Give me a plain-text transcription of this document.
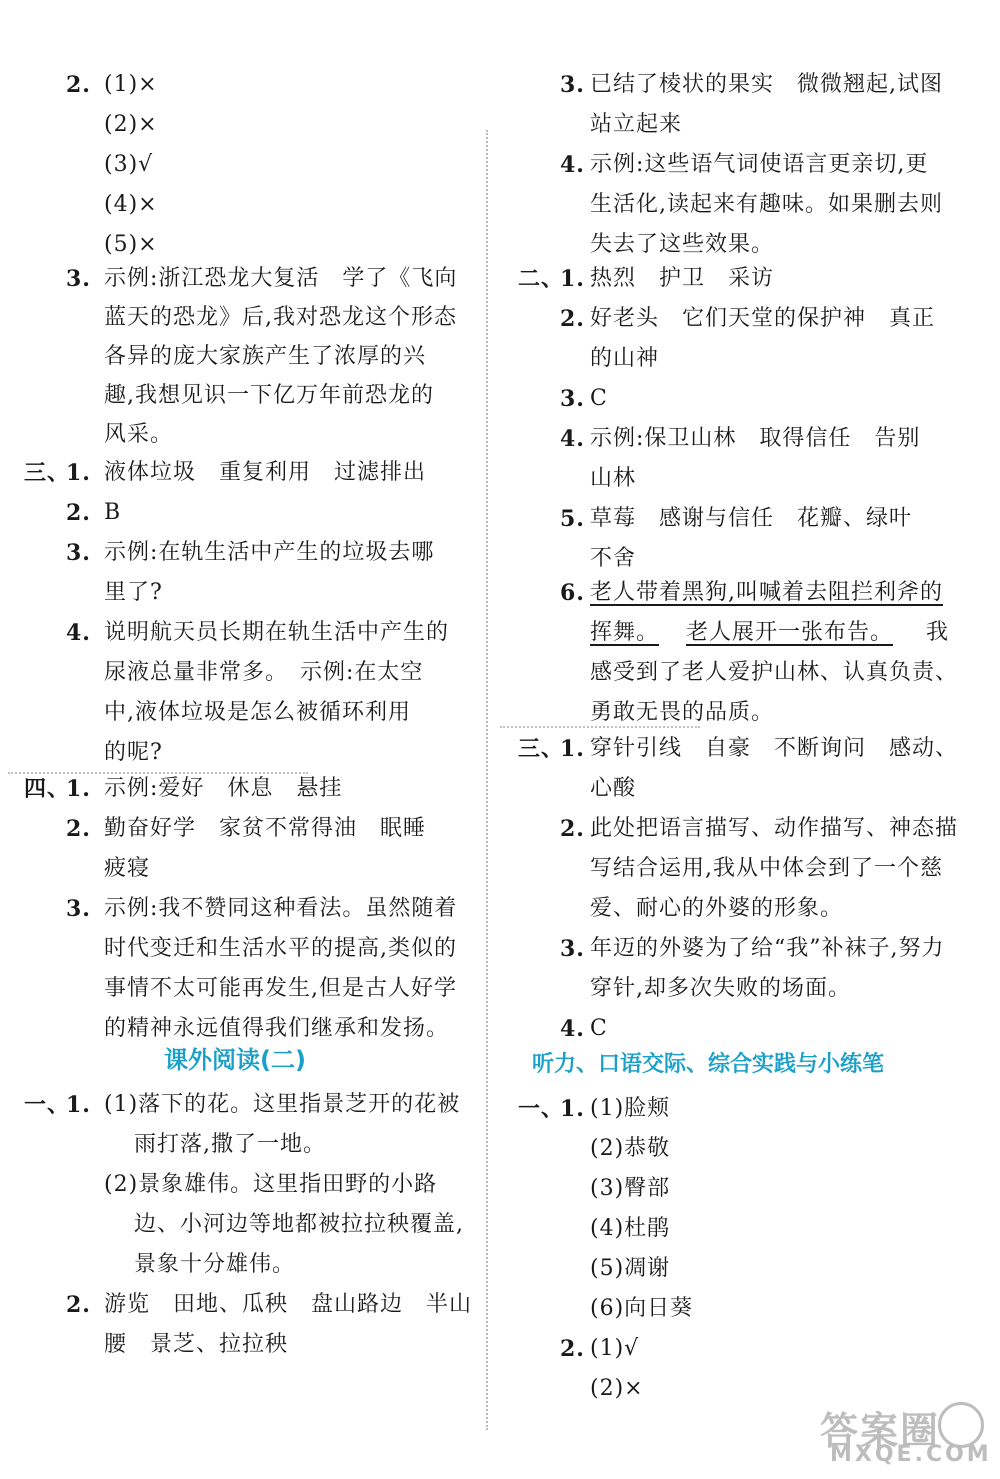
2. (1)×
(2)×
(3)√
(4)×
(5)×
3. 示例:浙江恐龙大复活　学了《飞向
蓝天的恐龙》后,我对恐龙这个形态
各异的庞大家族产生了浓厚的兴
趣,我想见识一下亿万年前恐龙的
风采。
三、
1. 液体垃圾　重复利用　过滤排出
2. B
3. 示例:在轨生活中产生的垃圾去哪
里了?
4. 说明航天员长期在轨生活中产生的
尿液总量非常多。　示例:在太空
中,液体垃圾是怎么被循环利用
的呢?
四、
1. 示例:爱好　休息　悬挂
2. 勤奋好学　家贫不常得油　眠睡
疲寝
3. 示例:我不赞同这种看法。虽然随着
时代变迁和生活水平的提高,类似的
事情不太可能再发生,但是古人好学
的精神永远值得我们继承和发扬。
课外阅读(二)
一、
1. (1)落下的花。这里指景芝开的花被
雨打落,撒了一地。
(2)景象雄伟。这里指田野的小路
边、小河边等地都被拉拉秧覆盖,
景象十分雄伟。
2. 游览　田地、瓜秧　盘山路边　半山
腰　景芝、拉拉秧
3. 已结了棱状的果实　微微翘起,试图
站立起来
4. 示例:这些语气词使语言更亲切,更
生活化,读起来有趣味。如果删去则
失去了这些效果。
二、
1. 热烈　护卫　采访
2. 好老头　它们天堂的保护神　真正
的山神
3. C
4. 示例:保卫山林　取得信任　告别
山林
5. 草莓　感谢与信任　花瓣、绿叶
不舍
6. 老人带着黑狗,叫喊着去阻拦利斧的
挥舞。 老人展开一张布告。 我
感受到了老人爱护山林、认真负责、
勇敢无畏的品质。
三、
1. 穿针引线　自豪　不断询问　感动、
心酸
2. 此处把语言描写、动作描写、神态描
写结合运用,我从中体会到了一个慈
爱、耐心的外婆的形象。
3. 年迈的外婆为了给“我”补袜子,努力
穿针,却多次失败的场面。
4. C
听力、口语交际、综合实践与小练笔
一、
1. (1)脸颊
(2)恭敬
(3)臀部
(4)杜鹃
(5)凋谢
(6)向日葵
2. (1)√
(2)×
答案圈
MXQE.COM
